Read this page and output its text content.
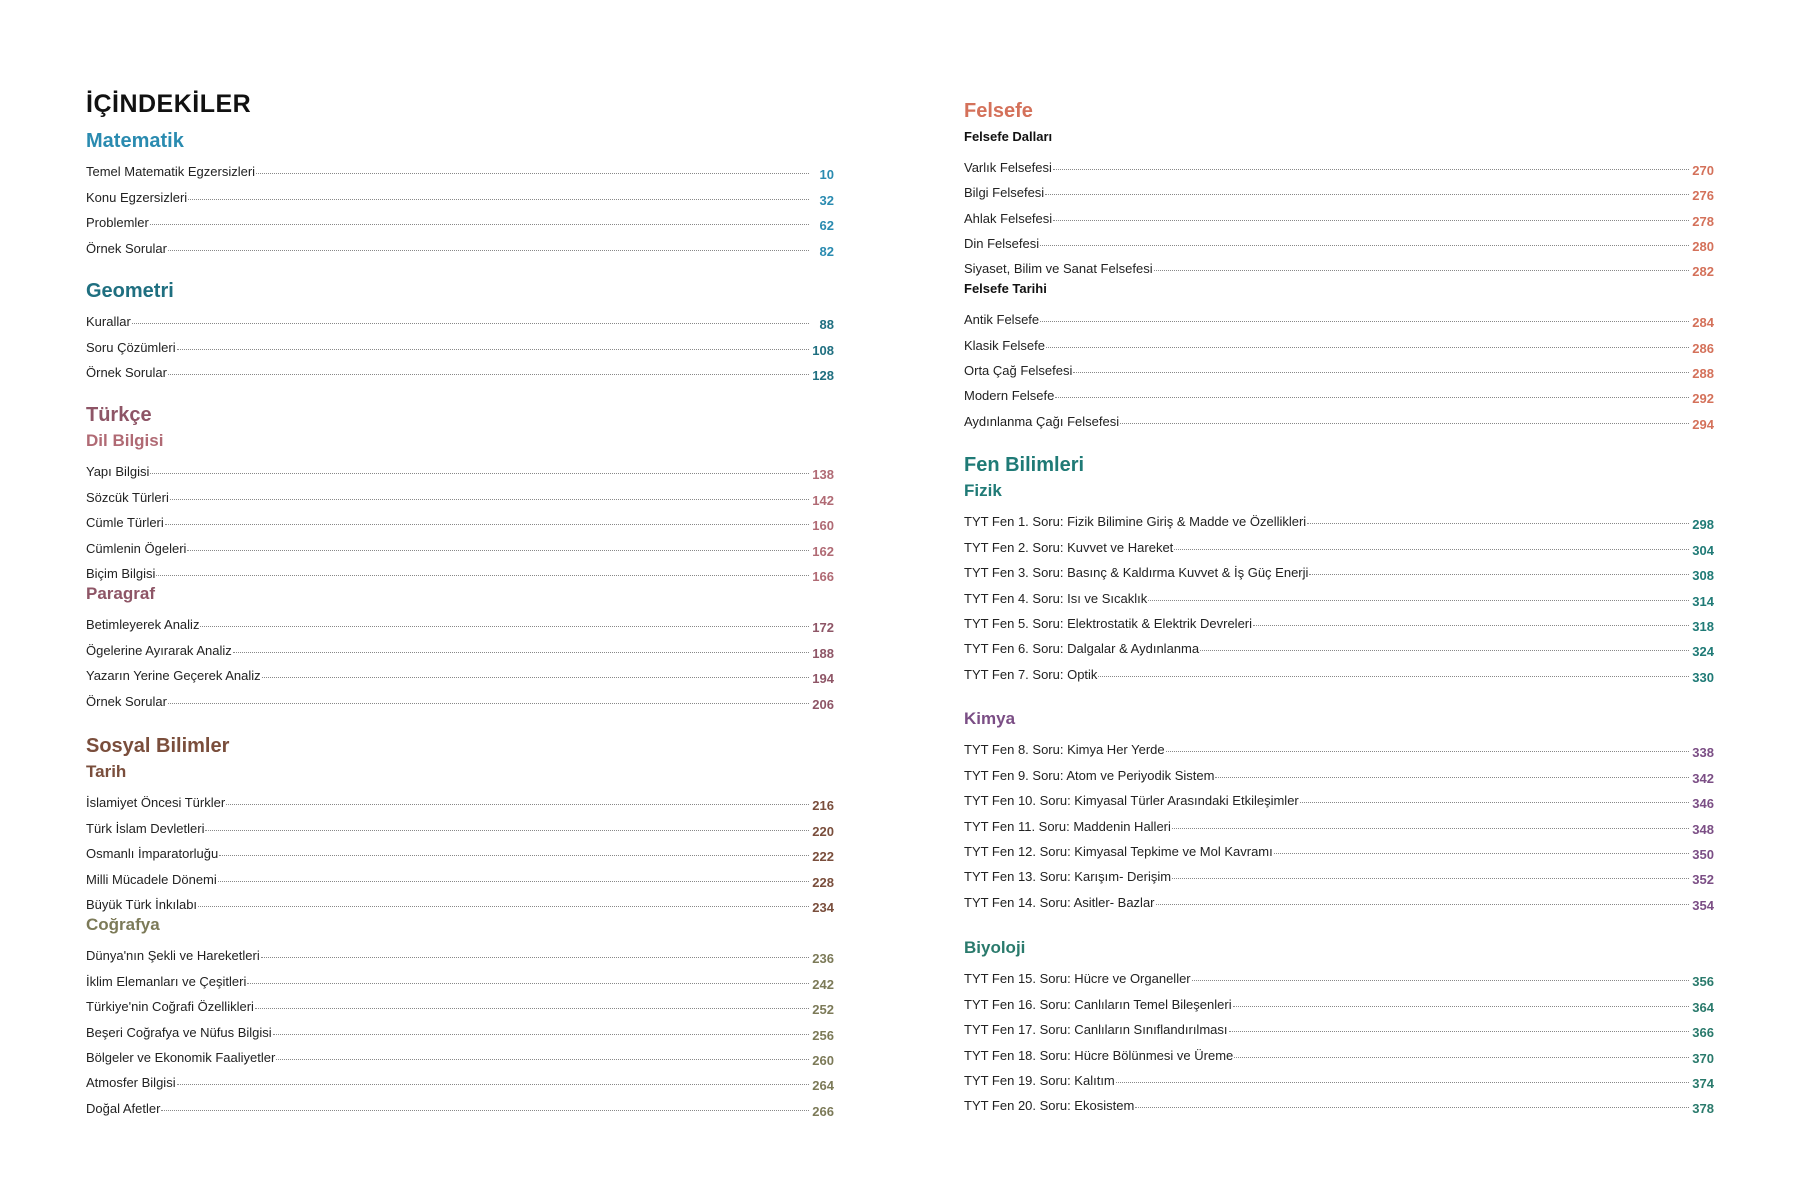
İÇİNDEKİLER
Matematik
Temel Matematik Egzersizleri	10
Konu Egzersizleri	32
Problemler	62
Örnek Sorular	82
Geometri
Kurallar	88
Soru Çözümleri	108
Örnek Sorular	128
Türkçe
Dil Bilgisi
Yapı Bilgisi	138
Sözcük Türleri	142
Cümle Türleri	160
Cümlenin Ögeleri	162
Biçim Bilgisi	166
Paragraf
Betimleyerek Analiz	172
Ögelerine Ayırarak Analiz	188
Yazarın Yerine Geçerek Analiz	194
Örnek Sorular	206
Sosyal Bilimler
Tarih
İslamiyet Öncesi Türkler	216
Türk İslam Devletleri	220
Osmanlı İmparatorluğu	222
Milli Mücadele Dönemi	228
Büyük Türk İnkılabı	234
Coğrafya
Dünya'nın Şekli ve Hareketleri	236
İklim Elemanları ve Çeşitleri	242
Türkiye'nin Coğrafi Özellikleri	252
Beşeri Coğrafya ve Nüfus Bilgisi	256
Bölgeler ve Ekonomik Faaliyetler	260
Atmosfer Bilgisi	264
Doğal Afetler	266
Felsefe
Felsefe Dalları
Varlık Felsefesi	270
Bilgi Felsefesi	276
Ahlak Felsefesi	278
Din Felsefesi	280
Siyaset, Bilim ve Sanat Felsefesi	282
Felsefe Tarihi
Antik Felsefe	284
Klasik Felsefe	286
Orta Çağ Felsefesi	288
Modern Felsefe	292
Aydınlanma Çağı Felsefesi	294
Fen Bilimleri
Fizik
TYT Fen 1. Soru: Fizik Bilimine Giriş & Madde ve Özellikleri	298
TYT Fen 2. Soru: Kuvvet ve Hareket	304
TYT Fen 3. Soru: Basınç & Kaldırma Kuvvet & İş Güç Enerji	308
TYT Fen 4. Soru: Isı ve Sıcaklık	314
TYT Fen 5. Soru: Elektrostatik & Elektrik Devreleri	318
TYT Fen 6. Soru: Dalgalar & Aydınlanma	324
TYT Fen 7. Soru: Optik	330
Kimya
TYT Fen 8. Soru: Kimya Her Yerde	338
TYT Fen 9. Soru: Atom ve Periyodik Sistem	342
TYT Fen 10. Soru: Kimyasal Türler Arasındaki Etkileşimler	346
TYT Fen 11. Soru: Maddenin Halleri	348
TYT Fen 12. Soru: Kimyasal Tepkime ve Mol Kavramı	350
TYT Fen 13. Soru: Karışım- Derişim	352
TYT Fen 14. Soru: Asitler- Bazlar	354
Biyoloji
TYT Fen 15. Soru: Hücre ve Organeller	356
TYT Fen 16. Soru: Canlıların Temel Bileşenleri	364
TYT Fen 17. Soru: Canlıların Sınıflandırılması	366
TYT Fen 18. Soru: Hücre Bölünmesi ve Üreme	370
TYT Fen 19. Soru: Kalıtım	374
TYT Fen 20. Soru: Ekosistem	378
